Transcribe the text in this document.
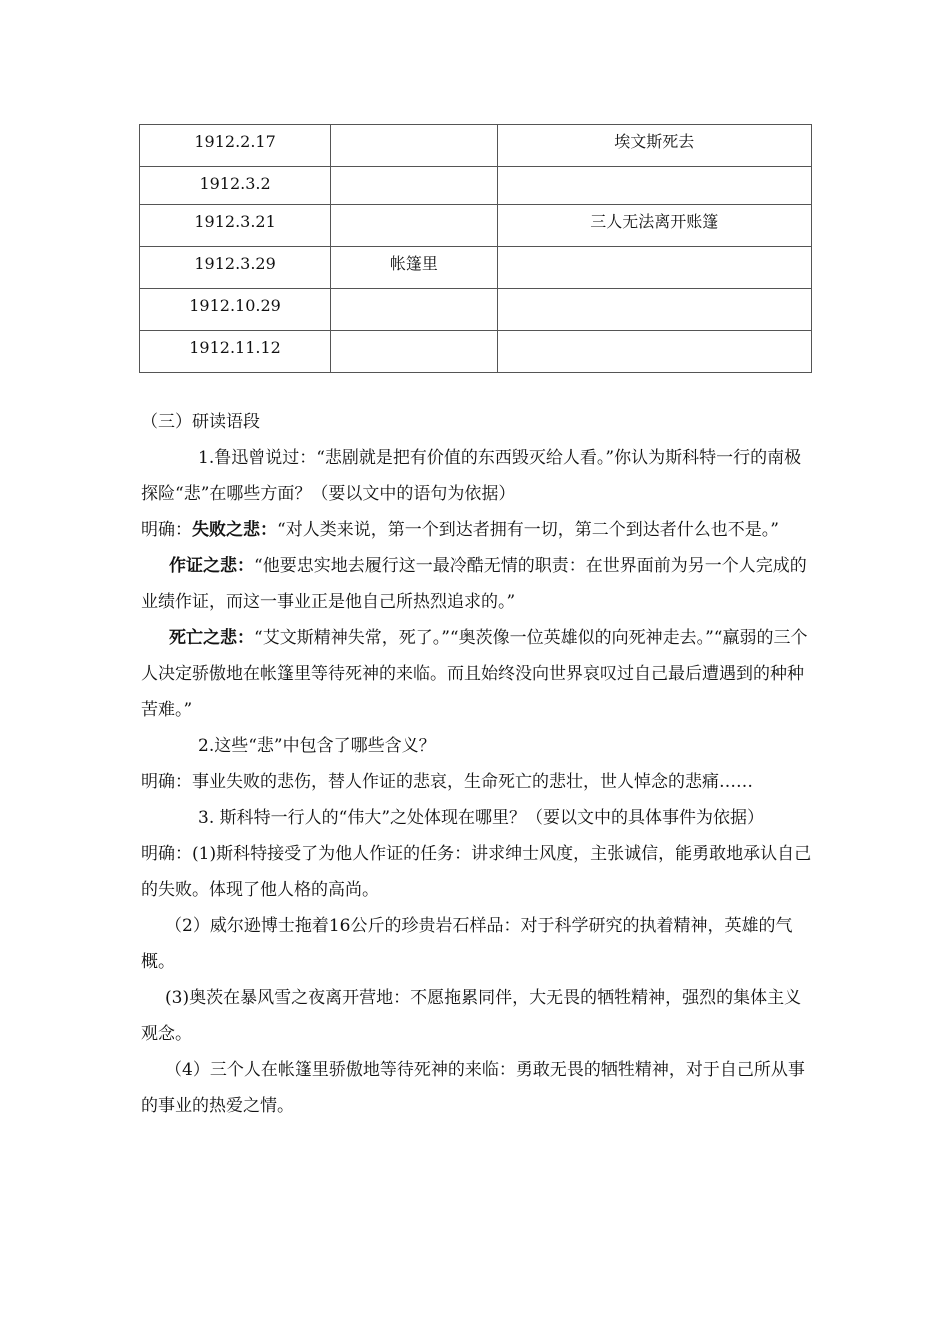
1912.2.17		埃文斯死去
1912.3.2		
1912.3.21		三人无法离开账篷
1912.3.29	帐篷里	
1912.10.29		
1912.11.12		

（三）研读语段

1.鲁迅曾说过：“悲剧就是把有价值的东西毁灭给人看。”你认为斯科特一行的南极探险“悲”在哪些方面？（要以文中的语句为依据）

明确：失败之悲：“对人类来说，第一个到达者拥有一切，第二个到达者什么也不是。”

作证之悲：“他要忠实地去履行这一最冷酷无情的职责：在世界面前为另一个人完成的业绩作证，而这一事业正是他自己所热烈追求的。”

死亡之悲：“艾文斯精神失常，死了。”“奥茨像一位英雄似的向死神走去。”“羸弱的三个人决定骄傲地在帐篷里等待死神的来临。而且始终没向世界哀叹过自己最后遭遇到的种种苦难。”

2.这些“悲”中包含了哪些含义？

明确：事业失败的悲伤，替人作证的悲哀，生命死亡的悲壮，世人悼念的悲痛……

3. 斯科特一行人的“伟大”之处体现在哪里？（要以文中的具体事件为依据）

明确：(1)斯科特接受了为他人作证的任务：讲求绅士风度，主张诚信，能勇敢地承认自己的失败。体现了他人格的高尚。

（2）威尔逊博士拖着16公斤的珍贵岩石样品：对于科学研究的执着精神，英雄的气概。

(3)奥茨在暴风雪之夜离开营地：不愿拖累同伴，大无畏的牺牲精神，强烈的集体主义观念。

（4）三个人在帐篷里骄傲地等待死神的来临：勇敢无畏的牺牲精神，对于自己所从事的事业的热爱之情。
